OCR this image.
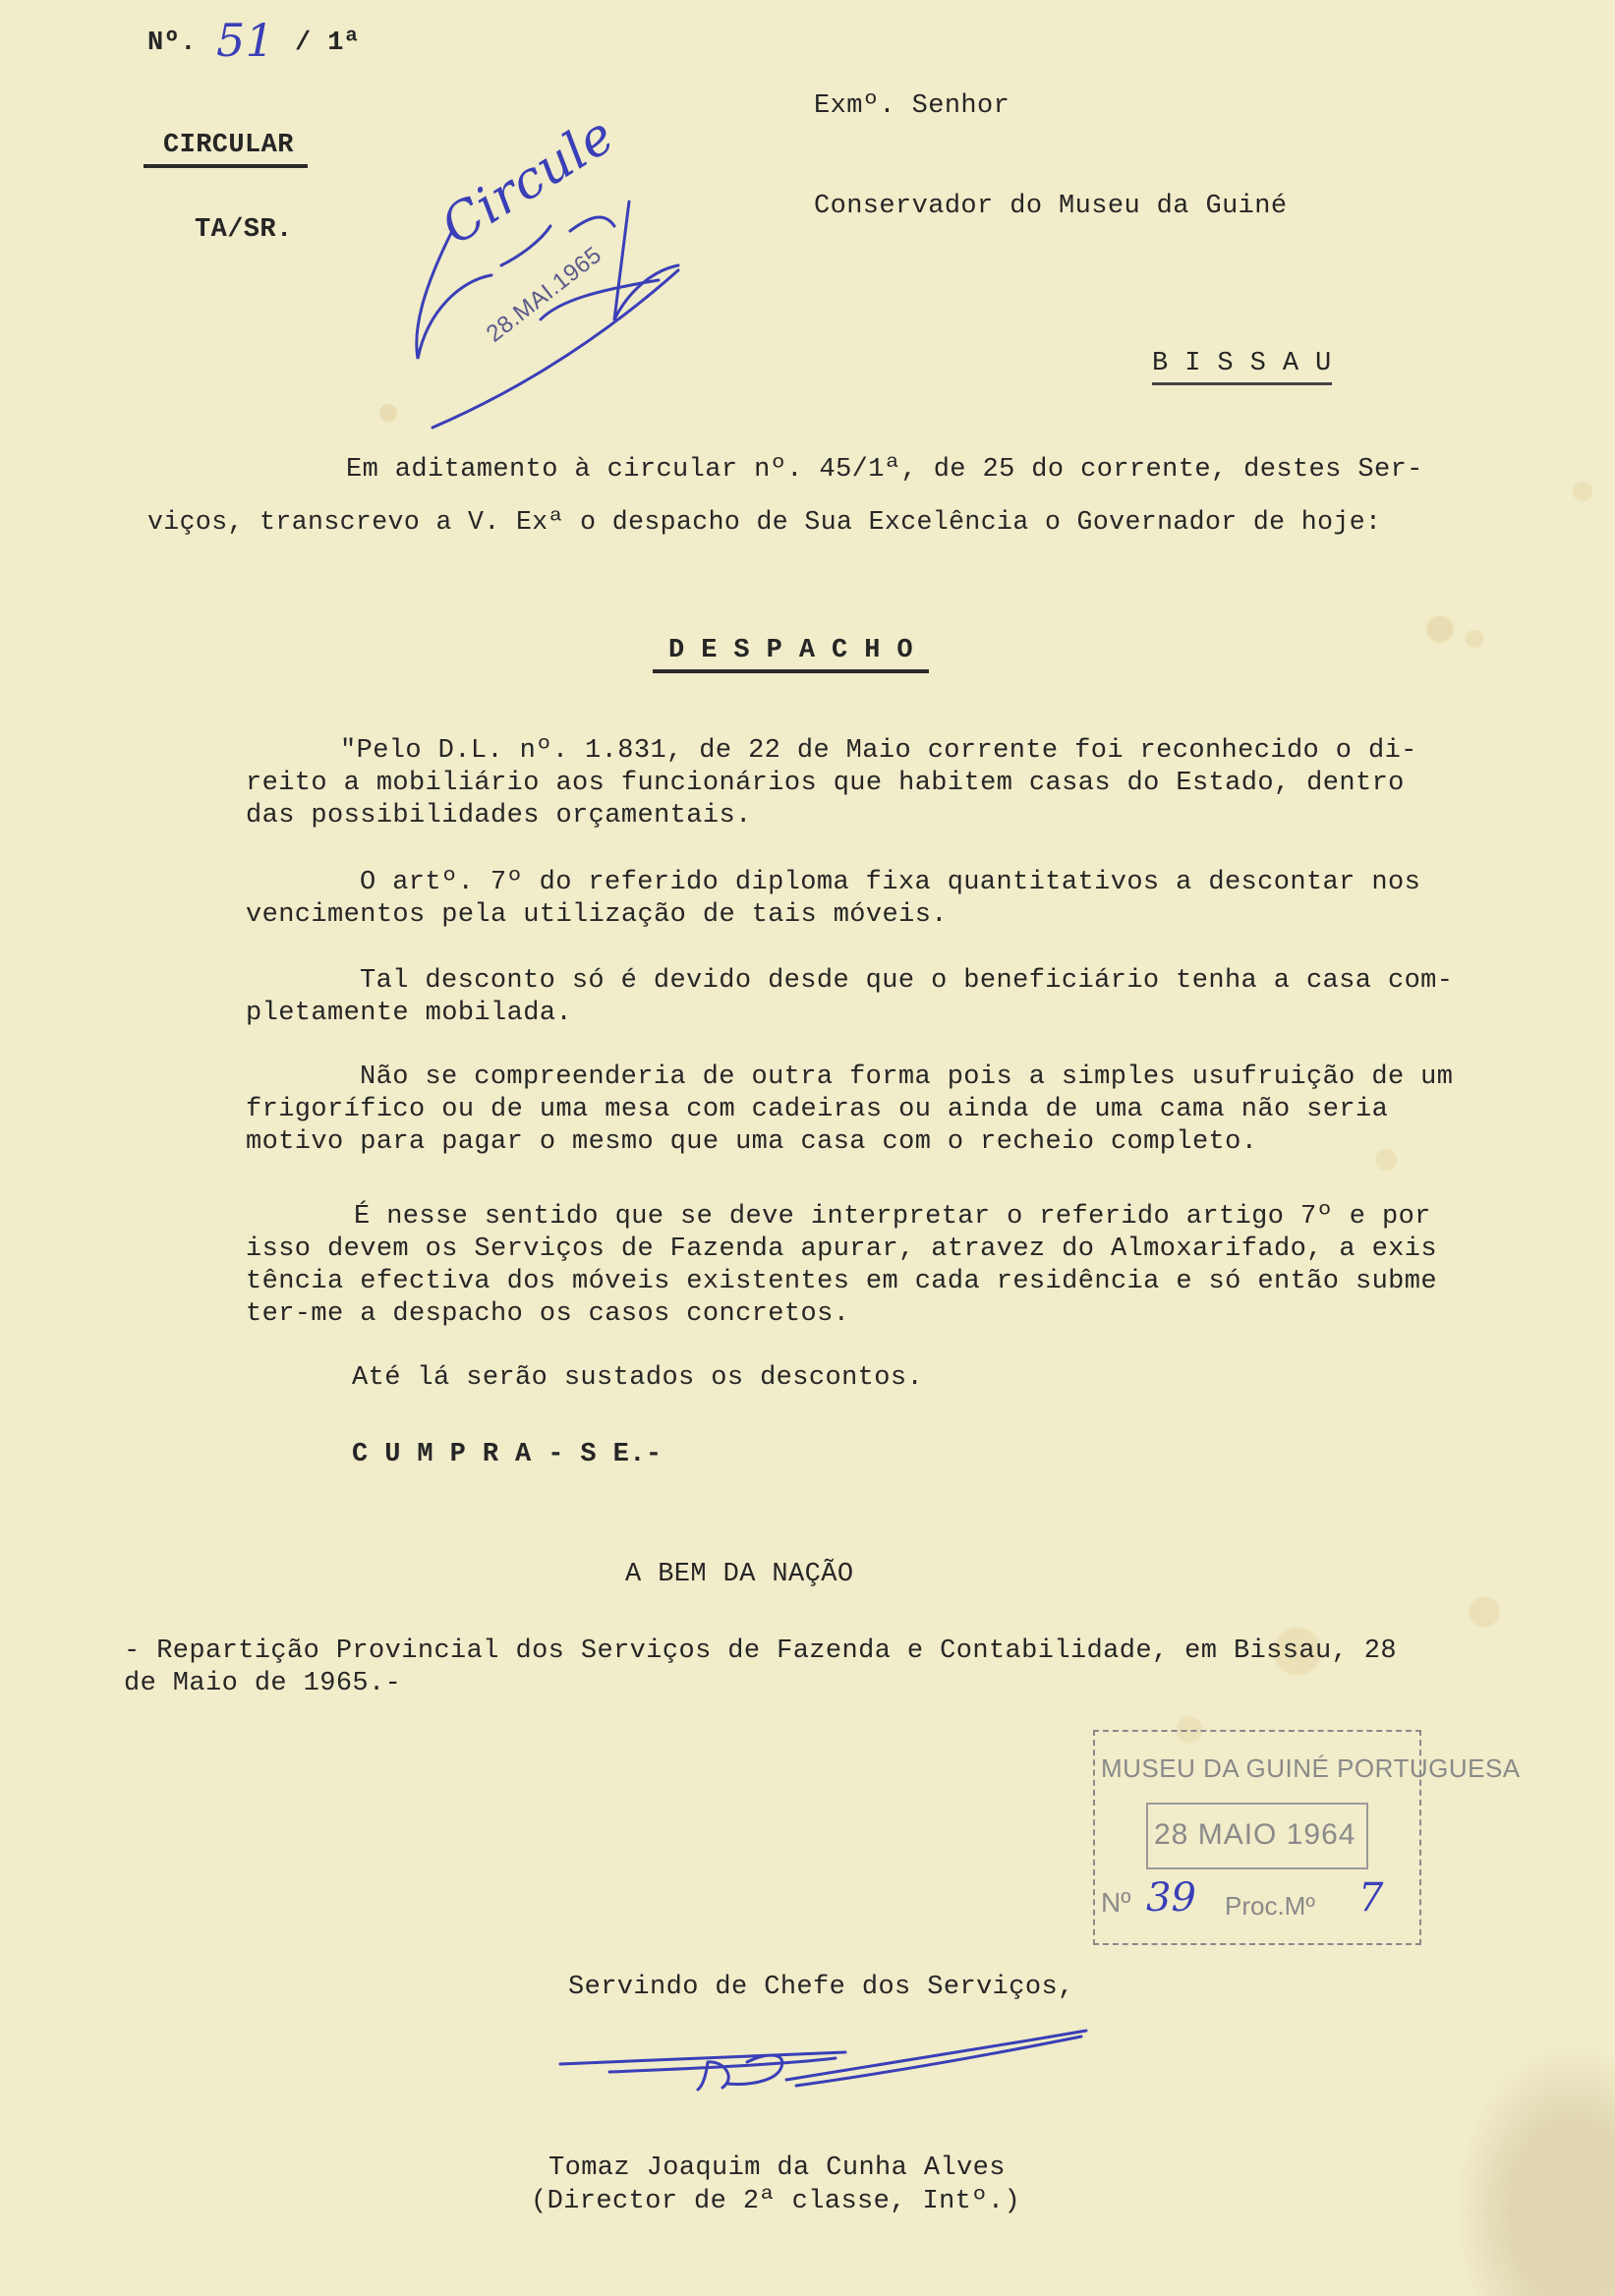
Nº. 51 / 1ª
CIRCULAR
TA/SR.
Exmº. Senhor
Conservador do Museu da Guiné
B I S S A U
Circule
28.MAI.1965
Em aditamento à circular nº. 45/1ª, de 25 do corrente, destes Ser-
viços, transcrevo a V. Exª o despacho de Sua Excelência o Governador de hoje:
D E S P A C H O
"Pelo D.L. nº. 1.831, de 22 de Maio corrente foi reconhecido o di-
reito a mobiliário aos funcionários que habitem casas do Estado, dentro
das possibilidades orçamentais.
O artº. 7º do referido diploma fixa quantitativos a descontar nos
vencimentos pela utilização de tais móveis.
Tal desconto só é devido desde que o beneficiário tenha a casa com-
pletamente mobilada.
Não se compreenderia de outra forma pois a simples usufruição de um
frigorífico ou de uma mesa com cadeiras ou ainda de uma cama não seria
motivo para pagar o mesmo que uma casa com o recheio completo.
É nesse sentido que se deve interpretar o referido artigo 7º e por
isso devem os Serviços de Fazenda apurar, atravez do Almoxarifado, a exis
tência efectiva dos móveis existentes em cada residência e só então subme
ter-me a despacho os casos concretos.
Até lá serão sustados os descontos.
C U M P R A - S E.-
A BEM DA NAÇÃO
- Repartição Provincial dos Serviços de Fazenda e Contabilidade, em Bissau, 28
de Maio de 1965.-
MUSEU DA GUINÉ PORTUGUESA
28 MAIO 1964
Nº 39 Proc.Mº 7
Servindo de Chefe dos Serviços,
Tomaz Joaquim da Cunha Alves
(Director de 2ª classe, Intº.)
